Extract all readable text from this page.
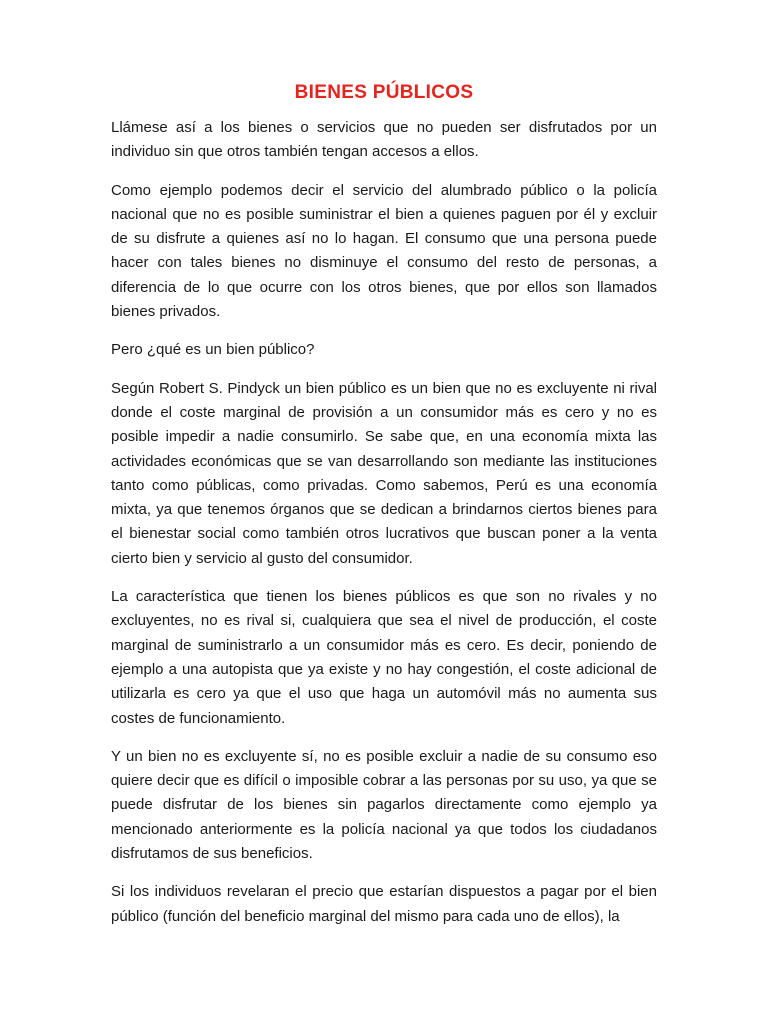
BIENES PÚBLICOS

Llámese así a los bienes o servicios que no pueden ser disfrutados por un individuo sin que otros también tengan accesos a ellos.

Como ejemplo podemos decir el servicio del alumbrado público o la policía nacional que no es posible suministrar el bien a quienes paguen por él y excluir de su disfrute a quienes así no lo hagan. El consumo que una persona puede hacer con tales bienes no disminuye el consumo del resto de personas, a diferencia de lo que ocurre con los otros bienes, que por ellos son llamados bienes privados.

Pero ¿qué es un bien público?

Según Robert S. Pindyck un bien público es un bien que no es excluyente ni rival donde el coste marginal de provisión a un consumidor más es cero y no es posible impedir a nadie consumirlo. Se sabe que, en una economía mixta las actividades económicas que se van desarrollando son mediante las instituciones tanto como públicas, como privadas. Como sabemos, Perú es una economía mixta, ya que tenemos órganos que se dedican a brindarnos ciertos bienes para el bienestar social como también otros lucrativos que buscan poner a la venta cierto bien y servicio al gusto del consumidor.

La característica que tienen los bienes públicos es que son no rivales y no excluyentes, no es rival si, cualquiera que sea el nivel de producción, el coste marginal de suministrarlo a un consumidor más es cero. Es decir, poniendo de ejemplo a una autopista que ya existe y no hay congestión, el coste adicional de utilizarla es cero ya que el uso que haga un automóvil más no aumenta sus costes de funcionamiento.

Y un bien no es excluyente sí, no es posible excluir a nadie de su consumo eso quiere decir que es difícil o imposible cobrar a las personas por su uso, ya que se puede disfrutar de los bienes sin pagarlos directamente como ejemplo ya mencionado anteriormente es la policía nacional ya que todos los ciudadanos disfrutamos de sus beneficios.

Si los individuos revelaran el precio que estarían dispuestos a pagar por el bien público (función del beneficio marginal del mismo para cada uno de ellos), la
